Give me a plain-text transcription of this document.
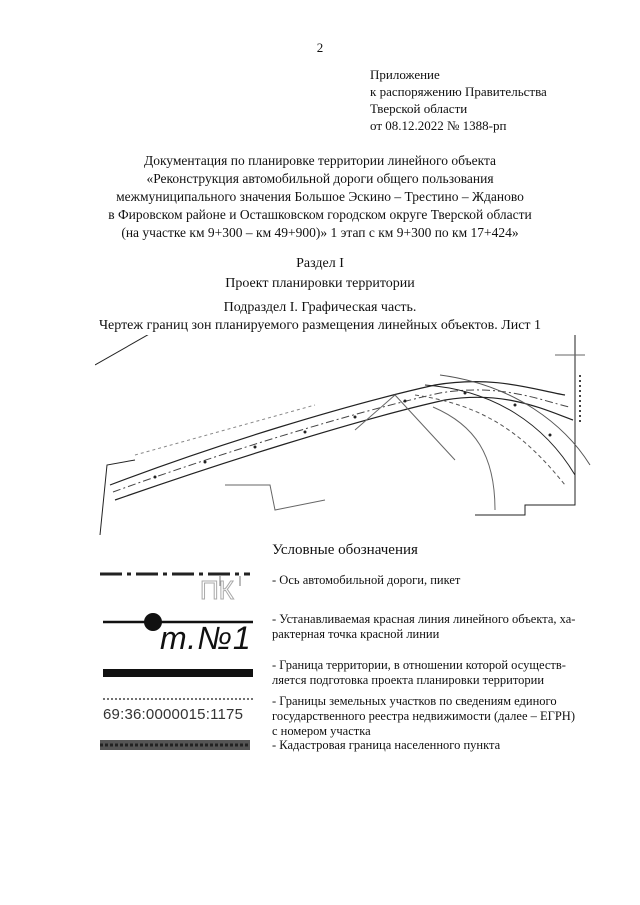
2
Приложение
к распоряжению Правительства
Тверской области
от 08.12.2022 № 1388-рп
Документация по планировке территории линейного объекта
«Реконструкция автомобильной дороги общего пользования
межмуниципального значения Большое Эскино – Трестино – Жданово
в Фировском районе и Осташковском городском округе Тверской области
(на участке км 9+300 – км 49+900)» 1 этап с км 9+300 по км 17+424»
Раздел I
Проект планировки территории
Подраздел I. Графическая часть.
Чертеж границ зон планируемого размещения линейных объектов. Лист 1
Условные обозначения
ПК
т.№1
69:36:0000015:1175
- Ось автомобильной дороги, пикет
- Устанавливаемая красная линия линейного объекта, ха-
рактерная точка красной линии
- Граница территории, в отношении которой осуществ-
ляется подготовка проекта планировки территории
- Границы земельных участков по сведениям единого
государственного реестра недвижимости (далее – ЕГРН)
с номером участка
- Кадастровая граница населенного пункта
